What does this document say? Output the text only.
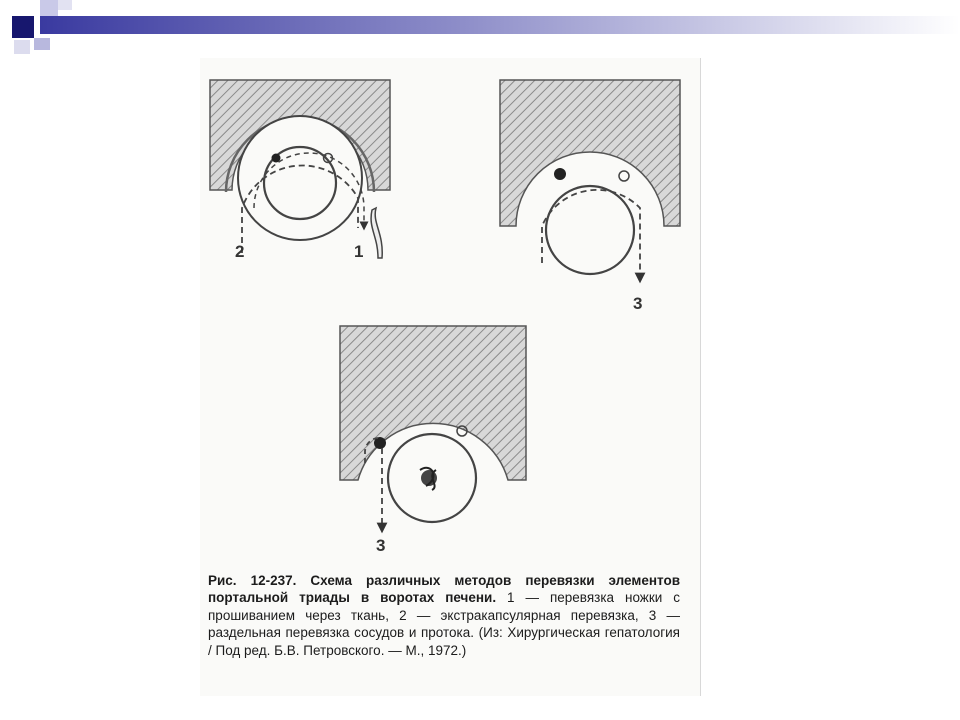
2	1
3
3
Рис. 12-237. Схема различных методов перевязки элементов портальной триады в воротах печени. 1 — перевязка ножки с прошиванием через ткань, 2 — экстракапсулярная перевязка, 3 — раздельная перевязка сосудов и протока. (Из: Хирургическая гепатология / Под ред. Б.В. Петровского. — М., 1972.)
